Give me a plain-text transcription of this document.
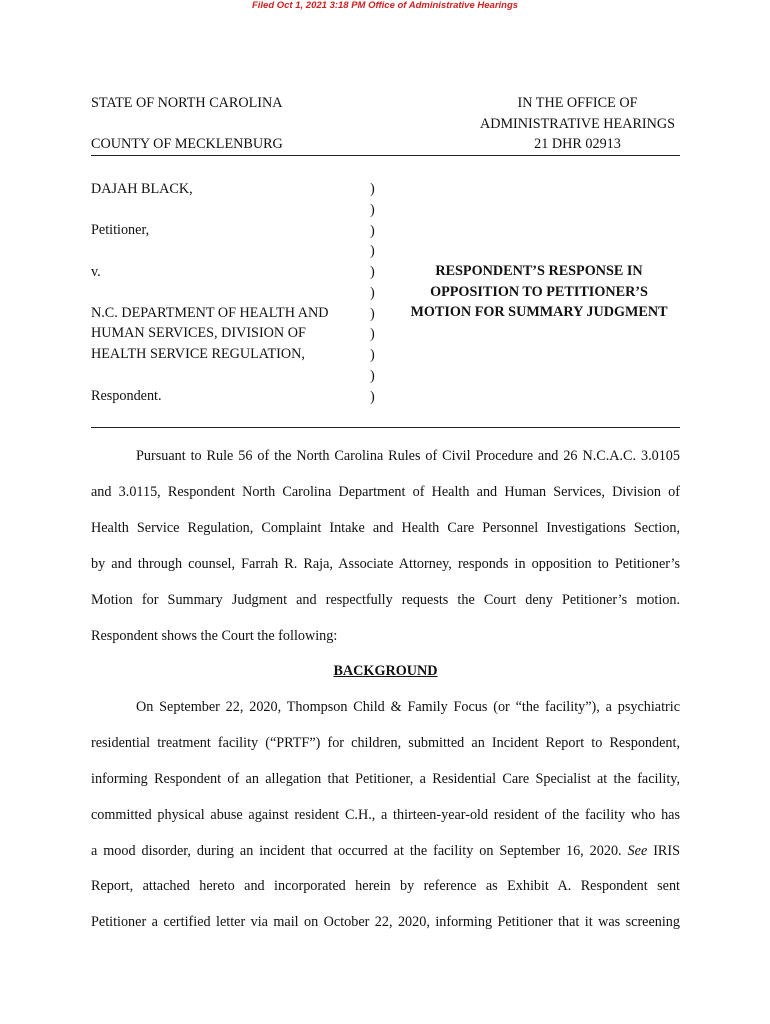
Filed Oct 1, 2021 3:18 PM Office of Administrative Hearings
STATE OF NORTH CAROLINA
COUNTY OF MECKLENBURG
IN THE OFFICE OF
ADMINISTRATIVE HEARINGS
21 DHR 02913
DAJAH BLACK,
Petitioner,
v.
N.C. DEPARTMENT OF HEALTH AND
HUMAN SERVICES, DIVISION OF
HEALTH SERVICE REGULATION,
Respondent.
)
)
)
)
)
)
)
)
)
)
)
RESPONDENT’S RESPONSE IN
OPPOSITION TO PETITIONER’S
MOTION FOR SUMMARY JUDGMENT
Pursuant to Rule 56 of the North Carolina Rules of Civil Procedure and 26 N.C.A.C. 3.0105
and 3.0115, Respondent North Carolina Department of Health and Human Services, Division of
Health Service Regulation, Complaint Intake and Health Care Personnel Investigations Section,
by and through counsel, Farrah R. Raja, Associate Attorney, responds in opposition to Petitioner’s
Motion for Summary Judgment and respectfully requests the Court deny Petitioner’s motion.
Respondent shows the Court the following:
BACKGROUND
On September 22, 2020, Thompson Child & Family Focus (or “the facility”), a psychiatric
residential treatment facility (“PRTF”) for children, submitted an Incident Report to Respondent,
informing Respondent of an allegation that Petitioner, a Residential Care Specialist at the facility,
committed physical abuse against resident C.H., a thirteen-year-old resident of the facility who has
a mood disorder, during an incident that occurred at the facility on September 16, 2020. See IRIS
Report, attached hereto and incorporated herein by reference as Exhibit A. Respondent sent
Petitioner a certified letter via mail on October 22, 2020, informing Petitioner that it was screening
